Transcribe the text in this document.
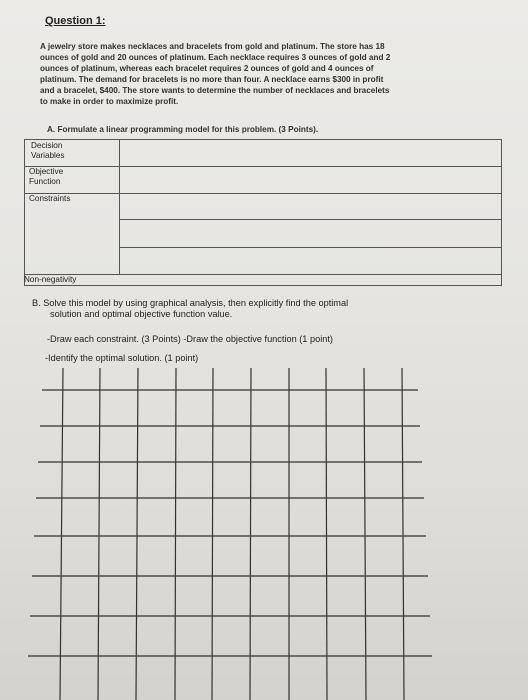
Question 1:
A jewelry store makes necklaces and bracelets from gold and platinum. The store has 18
ounces of gold and 20 ounces of platinum. Each necklace requires 3 ounces of gold and 2
ounces of platinum, whereas each bracelet requires 2 ounces of gold and 4 ounces of
platinum. The demand for bracelets is no more than four. A necklace earns $300 in profit
and a bracelet, $400. The store wants to determine the number of necklaces and bracelets
to make in order to maximize profit.
A. Formulate a linear programming model for this problem. (3 Points).
Decision
Variables
Objective
Function
Constraints
Non-negativity
B. Solve this model by using graphical analysis, then explicitly find the optimal
solution and optimal objective function value.
-Draw each constraint. (3 Points) -Draw the objective function (1 point)
-Identify the optimal solution. (1 point)
